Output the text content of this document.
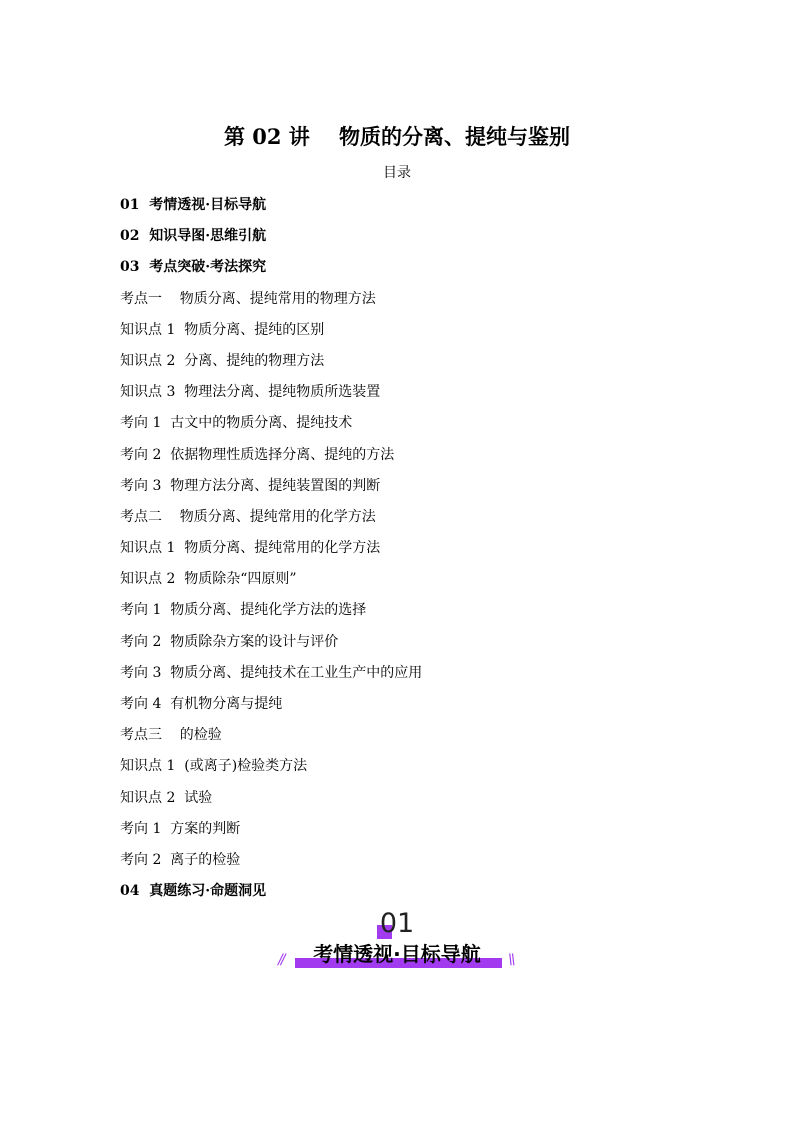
第 02 讲    物质的分离、提纯与鉴别
目录
01  考情透视·目标导航
02  知识导图·思维引航
03  考点突破·考法探究
考点一    物质分离、提纯常用的物理方法
知识点 1  物质分离、提纯的区别
知识点 2  分离、提纯的物理方法
知识点 3  物理法分离、提纯物质所选装置
考向 1  古文中的物质分离、提纯技术
考向 2  依据物理性质选择分离、提纯的方法
考向 3  物理方法分离、提纯装置图的判断
考点二    物质分离、提纯常用的化学方法
知识点 1  物质分离、提纯常用的化学方法
知识点 2  物质除杂“四原则”
考向 1  物质分离、提纯化学方法的选择
考向 2  物质除杂方案的设计与评价
考向 3  物质分离、提纯技术在工业生产中的应用
考向 4  有机物分离与提纯
考点三    的检验
知识点 1  (或离子)检验类方法
知识点 2  试验
考向 1  方案的判断
考向 2  离子的检验
04  真题练习·命题洞见
01
考情透视·目标导航
//	\\
